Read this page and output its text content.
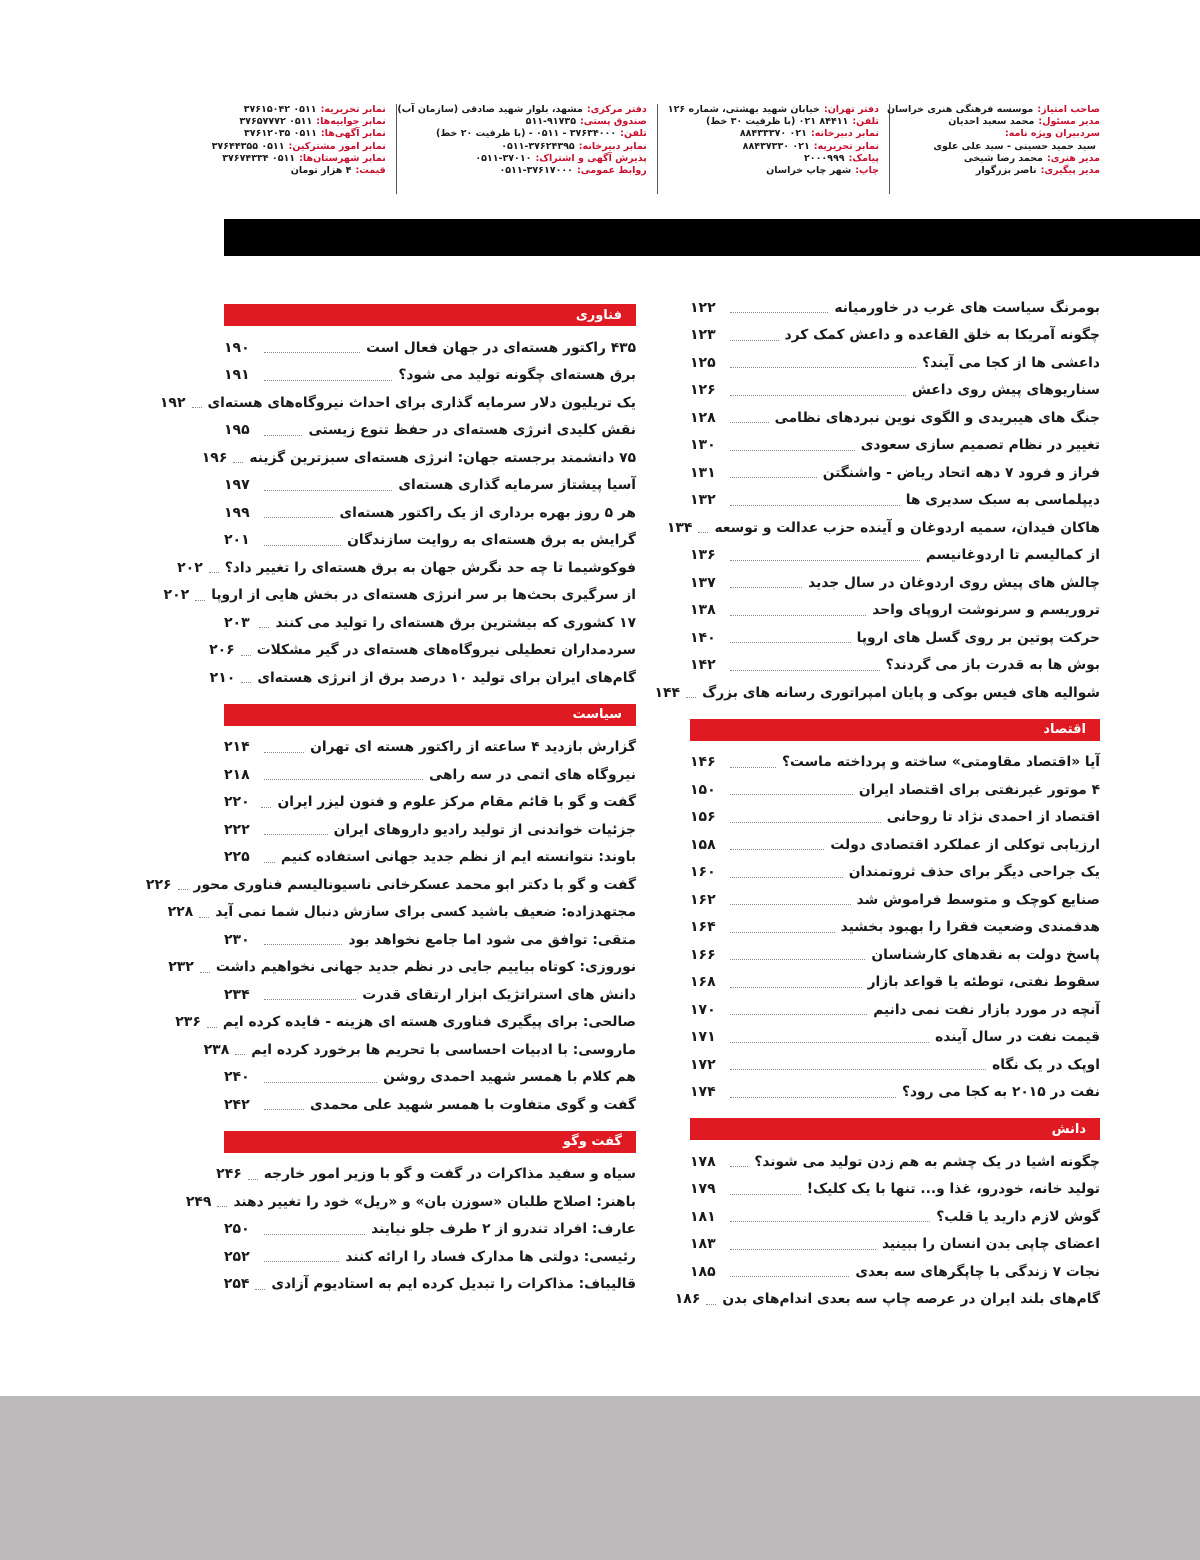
صاحب امتیاز:
موسسه فرهنگی هنری خراسان
مدیر مسئول:
محمد سعید احدیان
سردبیران ویژه نامه:
سید حمید حسینی - سید علی علوی
مدیر هنری:
محمد رضا شیخی
مدیر پیگیری:
ناصر بزرگوار
دفتر تهران:
خیابان شهید بهشتی، شماره ۱۲۶
تلفن:
۸۴۴۱۱ ۰۲۱ (با ظرفیت ۳۰ خط)
نمابر دبیرخانه:
۰۲۱ ۸۸۴۳۳۳۷۰
نمابر تحریریه:
۰۲۱ ۸۸۴۳۷۳۳۰
پیامک:
۲۰۰۰۹۹۹
چاپ:
شهر چاپ خراسان
دفتر مرکزی:
مشهد، بلوار شهید صادقی (سازمان آب)
صندوق پستی:
۵۱۱-۹۱۷۳۵
تلفن:
۳۷۶۳۴۰۰۰ - ۰۵۱۱ - (با ظرفیت ۲۰ خط)
نمابر دبیرخانه:
۰۵۱۱-۳۷۶۲۴۳۹۵
پذیرش آگهی و اشتراک:
۰۵۱۱-۳۷۰۱۰
روابط عمومی:
۰۵۱۱-۳۷۶۱۷۰۰۰
نمابر تحریریه:
۰۵۱۱ ۳۷۶۱۵۰۴۲
نمابر جوابیه‌ها:
۰۵۱۱ ۳۷۶۵۷۷۷۲
نمابر آگهی‌ها:
۰۵۱۱ ۳۷۶۱۲۰۳۵
نمابر امور مشترکین:
۰۵۱۱ ۳۷۶۴۴۳۵۵
نمابر شهرستان‌ها:
۰۵۱۱ ۳۷۶۷۴۳۳۴
قیمت:
۴ هزار تومان
بومرنگ سیاست های غرب در خاورمیانه
۱۲۲
چگونه آمریکا به خلق القاعده و داعش کمک کرد
۱۲۳
داعشی ها از کجا می آیند؟
۱۲۵
سناریوهای پیش روی داعش
۱۲۶
جنگ های هیبریدی و الگوی نوین نبردهای نظامی
۱۲۸
تغییر در نظام تصمیم سازی سعودی
۱۳۰
فراز و فرود ۷ دهه اتحاد ریاض - واشنگتن
۱۳۱
دیپلماسی به سبک سدیری ها
۱۳۲
هاکان فیدان، سمیه اردوغان و آینده حزب عدالت و توسعه
۱۳۴
از کمالیسم تا اردوغانیسم
۱۳۶
چالش های پیش روی اردوغان در سال جدید
۱۳۷
تروریسم و سرنوشت اروپای واحد
۱۳۸
حرکت پوتین بر روی گسل های اروپا
۱۴۰
بوش ها به قدرت باز می گردند؟
۱۴۲
شوالیه های فیس بوکی و پایان امپراتوری رسانه های بزرگ
۱۴۴
اقتصاد
آیا «اقتصاد مقاومتی» ساخته و پرداخته ماست؟
۱۴۶
۴ موتور غیرنفتی برای اقتصاد ایران
۱۵۰
اقتصاد از احمدی نژاد تا روحانی
۱۵۶
ارزیابی توکلی از عملکرد اقتصادی دولت
۱۵۸
یک جراحی دیگر برای حذف ثروتمندان
۱۶۰
صنایع کوچک و متوسط فراموش شد
۱۶۲
هدفمندی وضعیت فقرا را بهبود بخشید
۱۶۴
پاسخ دولت به نقدهای کارشناسان
۱۶۶
سقوط نفتی، توطئه یا قواعد بازار
۱۶۸
آنچه در مورد بازار نفت نمی دانیم
۱۷۰
قیمت نفت در سال آینده
۱۷۱
اوپک در یک نگاه
۱۷۲
نفت در ۲۰۱۵ به کجا می رود؟
۱۷۴
دانش
چگونه اشیا در یک چشم به هم زدن تولید می شوند؟
۱۷۸
تولید خانه، خودرو، غذا و... تنها با یک کلیک!
۱۷۹
گوش لازم دارید یا قلب؟
۱۸۱
اعضای چاپی بدن انسان را ببینید
۱۸۳
نجات ۷ زندگی با چاپگرهای سه بعدی
۱۸۵
گام‌های بلند ایران در عرصه چاپ سه بعدی اندام‌های بدن
۱۸۶
فناوری
۴۳۵ راکتور هسته‌ای در جهان فعال است
۱۹۰
برق هسته‌ای چگونه تولید می شود؟
۱۹۱
یک تریلیون دلار سرمایه گذاری برای احداث نیروگاه‌های هسته‌ای
۱۹۲
نقش کلیدی انرژی هسته‌ای در حفظ تنوع زیستی
۱۹۵
۷۵ دانشمند برجسته جهان: انرژی هسته‌ای سبزترین گزینه
۱۹۶
آسیا پیشتاز سرمایه گذاری هسته‌ای
۱۹۷
هر ۵ روز بهره برداری از یک راکتور هسته‌ای
۱۹۹
گرایش به برق هسته‌ای به روایت سازندگان
۲۰۱
فوکوشیما تا چه حد نگرش جهان به برق هسته‌ای را تغییر داد؟
۲۰۲
از سرگیری بحث‌ها بر سر انرژی هسته‌ای در بخش هایی از اروپا
۲۰۲
۱۷ کشوری که بیشترین برق هسته‌ای را تولید می کنند
۲۰۳
سردمداران تعطیلی نیروگاه‌های هسته‌ای در گیر مشکلات
۲۰۶
گام‌های ایران برای تولید ۱۰ درصد برق از انرژی هسته‌ای
۲۱۰
سیاست
گزارش بازدید ۴ ساعته از راکتور هسته ای تهران
۲۱۴
نیروگاه های اتمی در سه راهی
۲۱۸
گفت و گو با قائم مقام مرکز علوم و فنون لیزر ایران
۲۲۰
جزئیات خواندنی از تولید رادیو داروهای ایران
۲۲۲
باوند: نتوانسته ایم از نظم جدید جهانی استفاده کنیم
۲۲۵
گفت و گو با دکتر ابو محمد عسکرخانی ناسیونالیسم فناوری محور
۲۲۶
مجتهدزاده: ضعیف باشید کسی برای سازش دنبال شما نمی آید
۲۲۸
متقی: توافق می شود اما جامع نخواهد بود
۲۳۰
نوروزی: کوتاه بیاییم جایی در نظم جدید جهانی نخواهیم داشت
۲۳۲
دانش های استراتژیک ابزار ارتقای قدرت
۲۳۴
صالحی: برای پیگیری فناوری هسته ای هزینه - فایده کرده ایم
۲۳۶
ماروسی: با ادبیات احساسی با تحریم ها برخورد کرده ایم
۲۳۸
هم کلام با همسر شهید احمدی روشن
۲۴۰
گفت و گوی متفاوت با همسر شهید علی محمدی
۲۴۲
گفت وگو
سیاه و سفید مذاکرات در گفت و گو با وزیر امور خارجه
۲۴۶
باهنر: اصلاح طلبان «سوزن بان» و «ریل» خود را تغییر دهند
۲۴۹
عارف: افراد تندرو از ۲ طرف جلو نیایند
۲۵۰
رئیسی: دولتی ها مدارک فساد را ارائه کنند
۲۵۲
قالیباف: مذاکرات را تبدیل کرده ایم به استادیوم آزادی
۲۵۴
